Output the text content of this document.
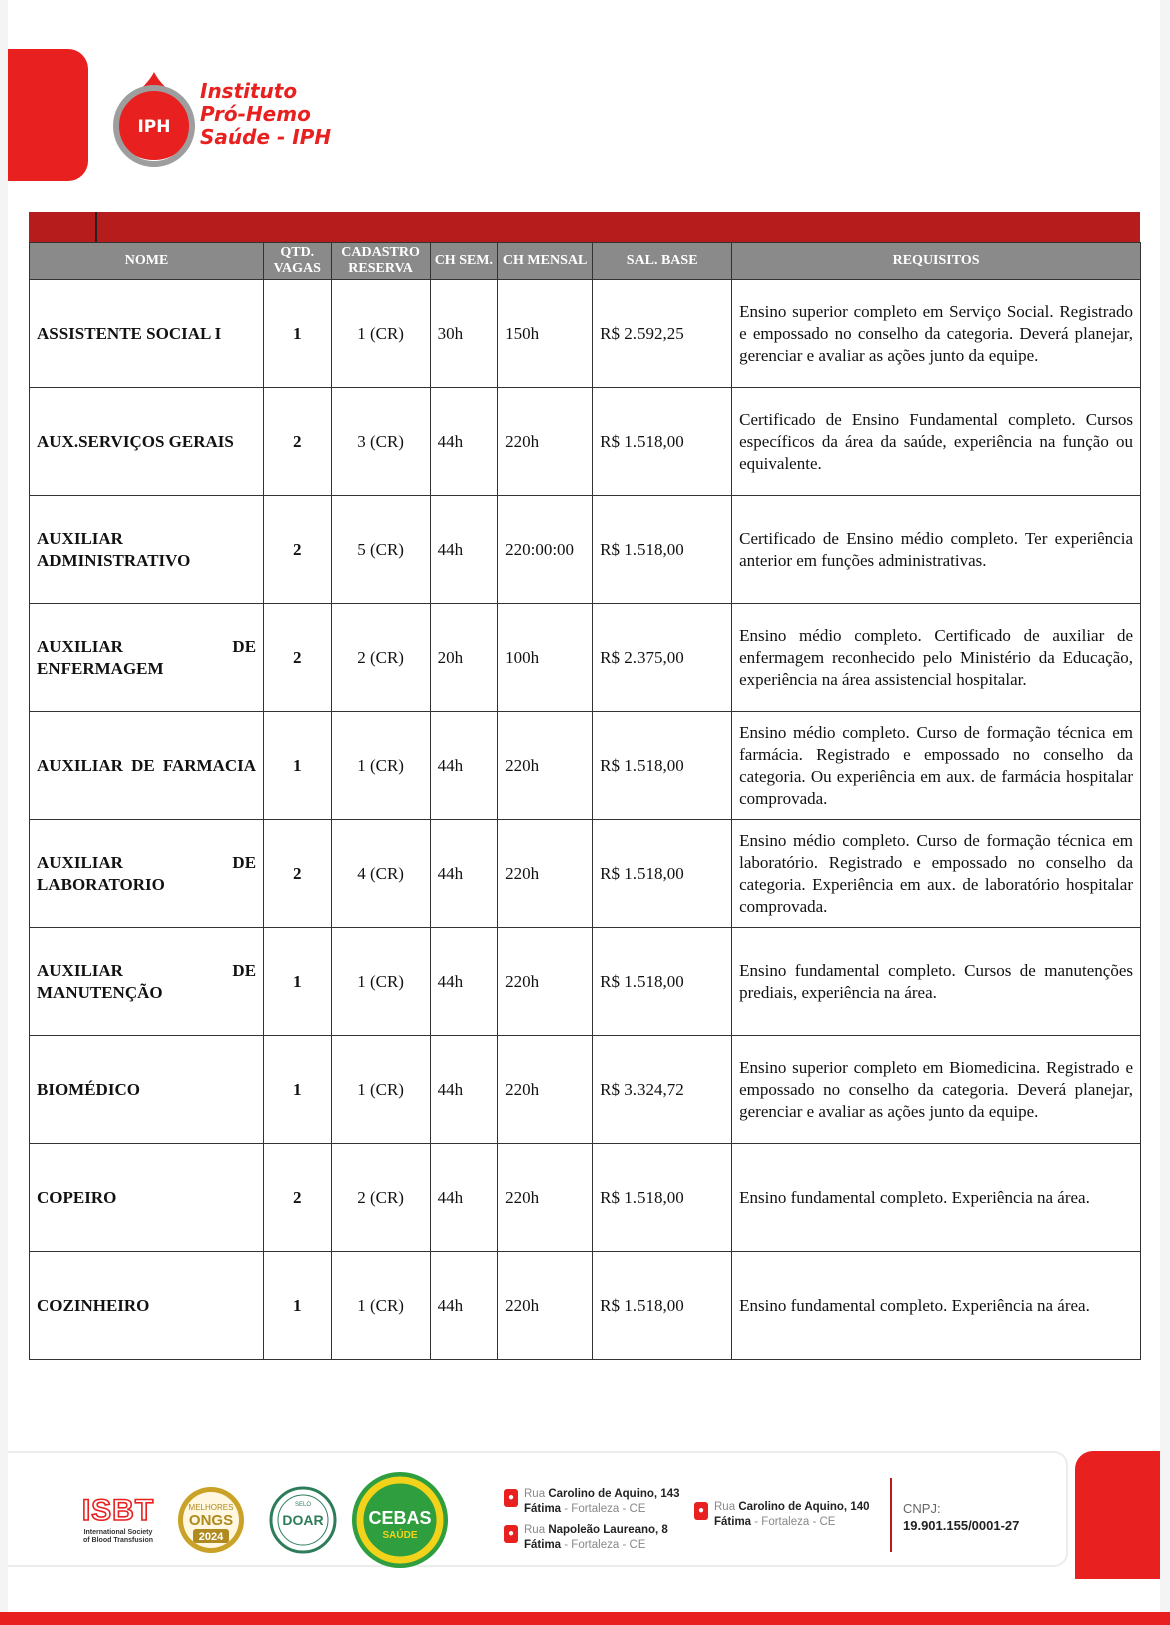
IPH
Instituto
Pró-Hemo
Saúde - IPH
NOME	QTD. VAGAS	CADASTRO RESERVA	CH SEM.	CH MENSAL	SAL. BASE	REQUISITOS
ASSISTENTE SOCIAL I	1	1 (CR)	30h	150h	R$ 2.592,25	Ensino superior completo em Serviço Social. Registrado e empossado no conselho da categoria. Deverá planejar, gerenciar e avaliar as ações junto da equipe.
AUX.SERVIÇOS GERAIS	2	3 (CR)	44h	220h	R$ 1.518,00	Certificado de Ensino Fundamental completo. Cursos específicos da área da saúde, experiência na função ou equivalente.
AUXILIAR ADMINISTRATIVO	2	5 (CR)	44h	220:00:00	R$ 1.518,00	Certificado de Ensino médio completo. Ter experiência anterior em funções administrativas.
AUXILIAR DE ENFERMAGEM	2	2 (CR)	20h	100h	R$ 2.375,00	Ensino médio completo. Certificado de auxiliar de enfermagem reconhecido pelo Ministério da Educação, experiência na área assistencial hospitalar.
AUXILIAR DE FARMACIA	1	1 (CR)	44h	220h	R$ 1.518,00	Ensino médio completo. Curso de formação técnica em farmácia. Registrado e empossado no conselho da categoria. Ou experiência em aux. de farmácia hospitalar comprovada.
AUXILIAR DE LABORATORIO	2	4 (CR)	44h	220h	R$ 1.518,00	Ensino médio completo. Curso de formação técnica em laboratório. Registrado e empossado no conselho da categoria. Experiência em aux. de laboratório hospitalar comprovada.
AUXILIAR DE MANUTENÇÃO	1	1 (CR)	44h	220h	R$ 1.518,00	Ensino fundamental completo. Cursos de manutenções prediais, experiência na área.
BIOMÉDICO	1	1 (CR)	44h	220h	R$ 3.324,72	Ensino superior completo em Biomedicina. Registrado e empossado no conselho da categoria. Deverá planejar, gerenciar e avaliar as ações junto da equipe.
COPEIRO	2	2 (CR)	44h	220h	R$ 1.518,00	Ensino fundamental completo. Experiência na área.
COZINHEIRO	1	1 (CR)	44h	220h	R$ 1.518,00	Ensino fundamental completo. Experiência na área.
ISBT
International Society
of Blood Transfusion
MELHORES
ONGS
2024
SELO
DOAR CEBAS
SAÚDE
● Rua Carolino de Aquino, 143
Fátima - Fortaleza - CE
● Rua Napoleão Laureano, 8
Fátima - Fortaleza - CE
● Rua Carolino de Aquino, 140
Fátima - Fortaleza - CE
CNPJ:
19.901.155/0001-27
